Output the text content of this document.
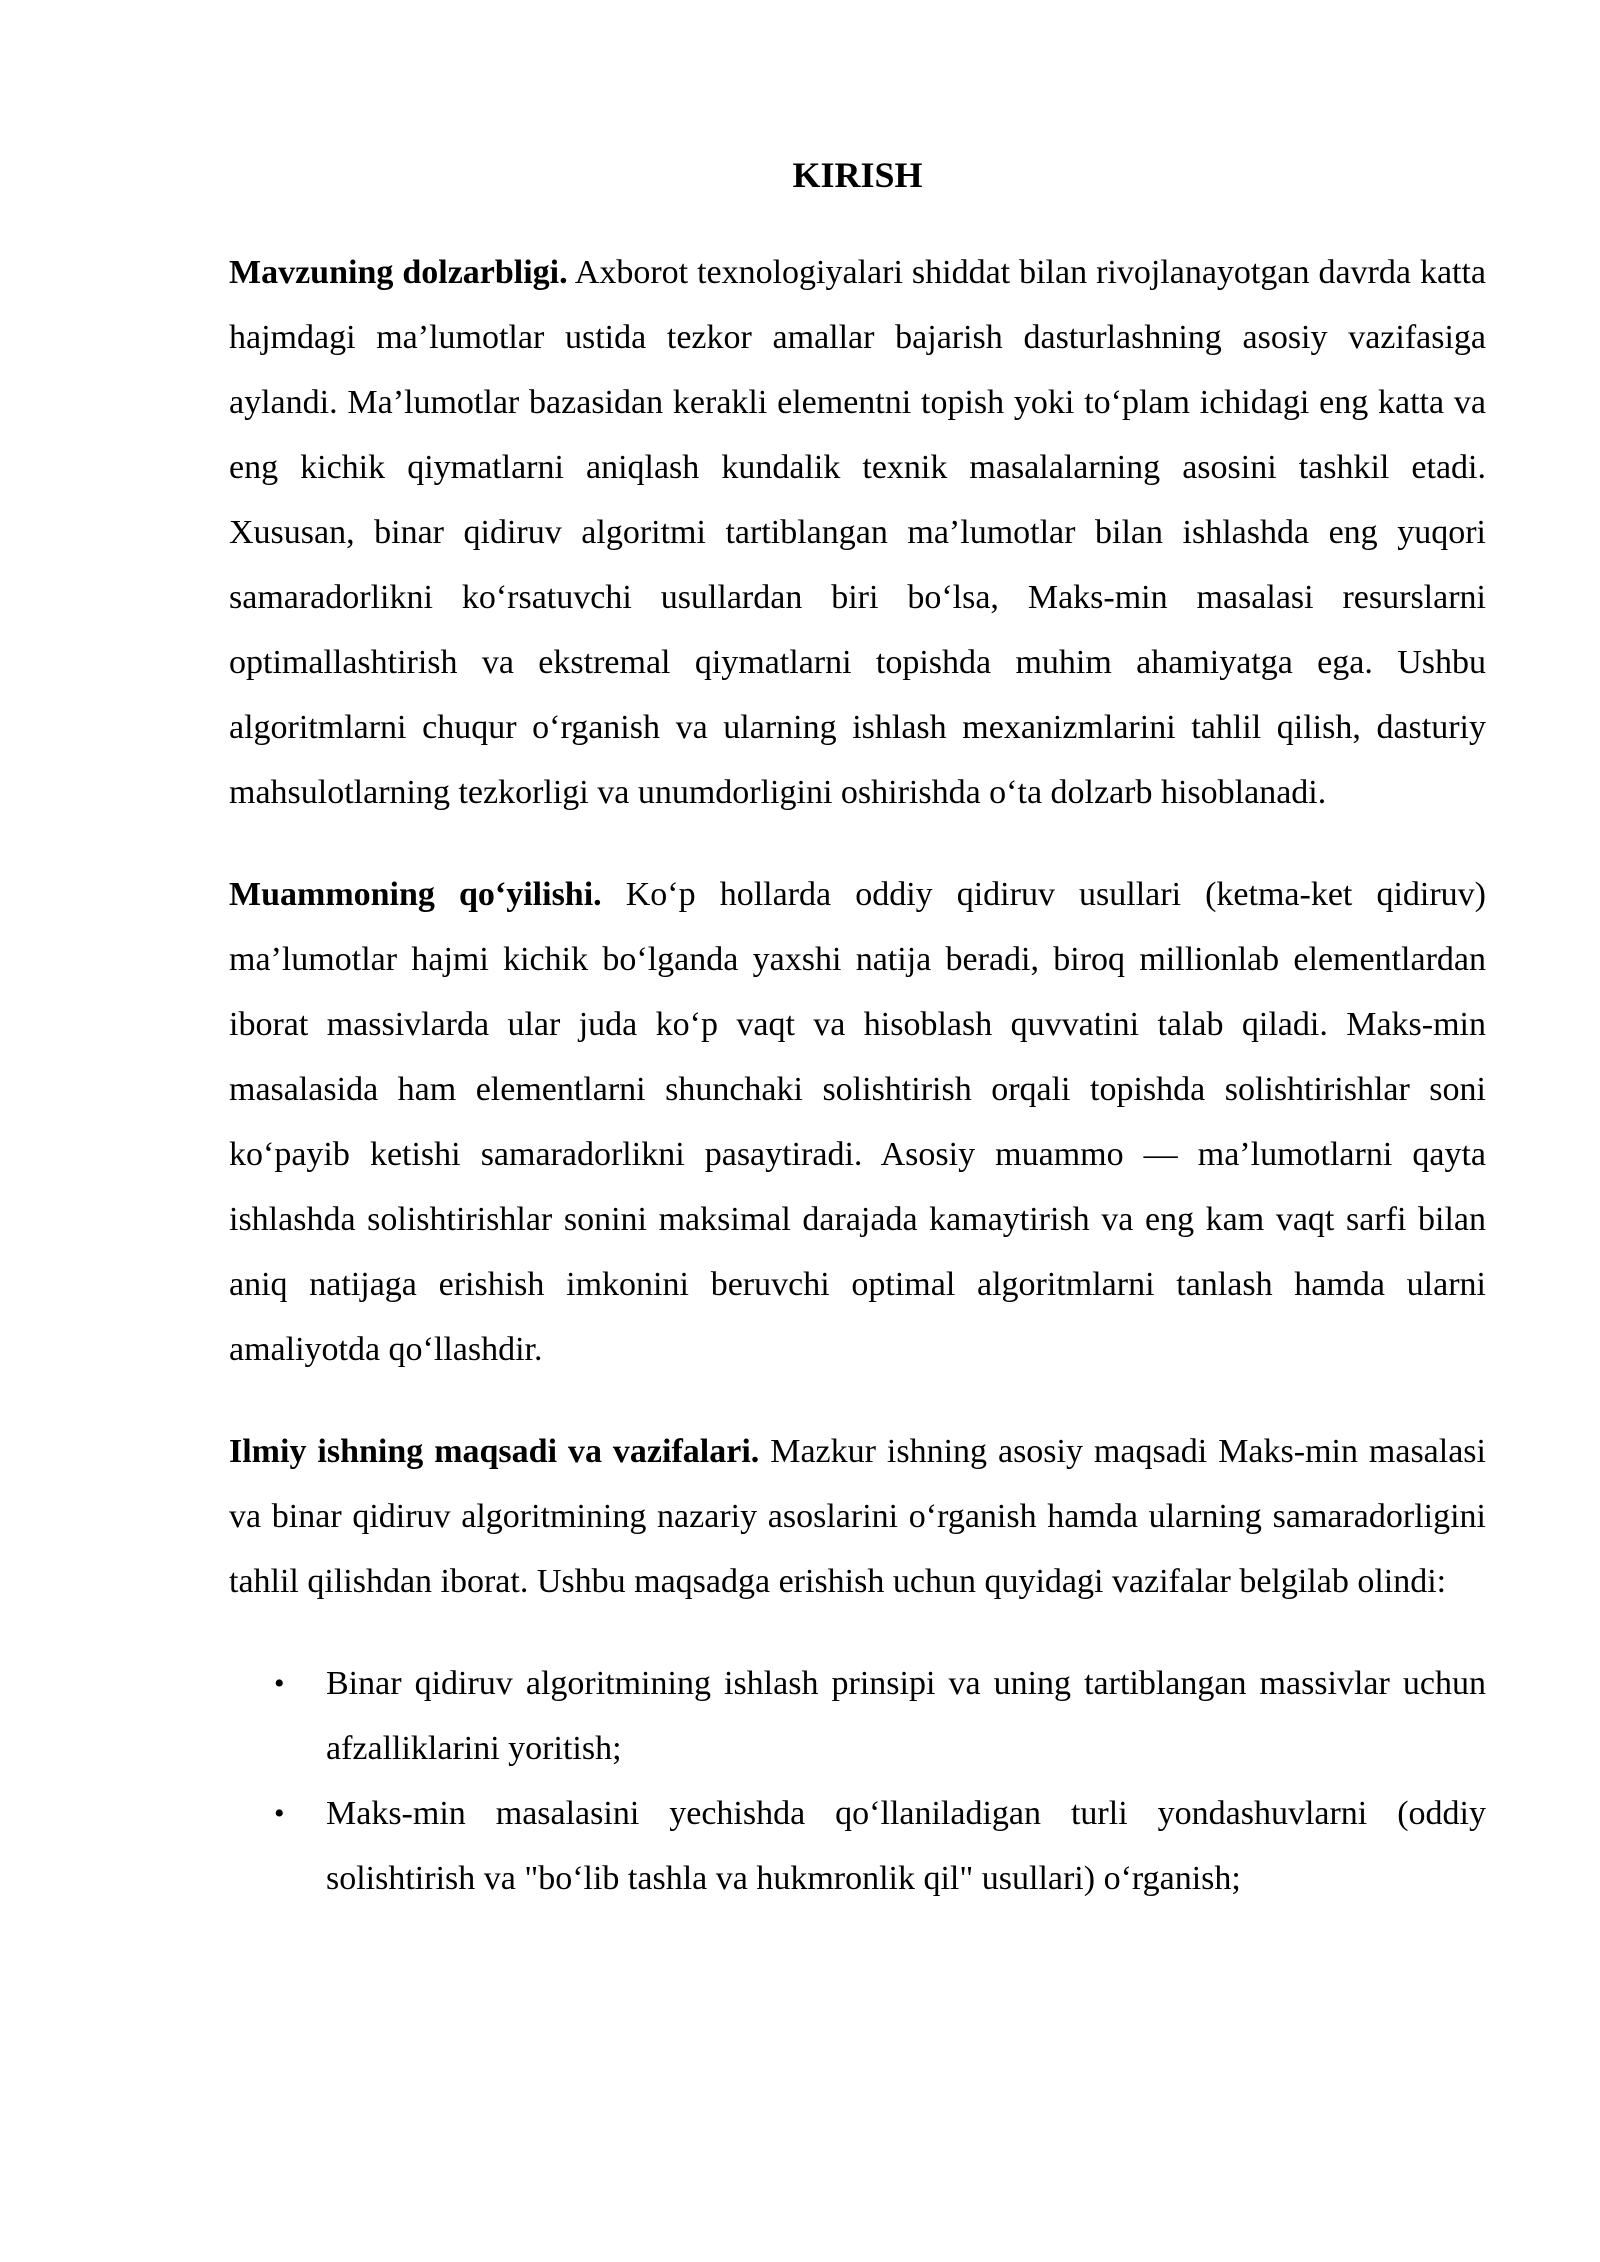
KIRISH

Mavzuning dolzarbligi. Axborot texnologiyalari shiddat bilan rivojlanayotgan davrda katta hajmdagi ma’lumotlar ustida tezkor amallar bajarish dasturlashning asosiy vazifasiga aylandi. Ma’lumotlar bazasidan kerakli elementni topish yoki to‘plam ichidagi eng katta va eng kichik qiymatlarni aniqlash kundalik texnik masalalarning asosini tashkil etadi. Xususan, binar qidiruv algoritmi tartiblangan ma’lumotlar bilan ishlashda eng yuqori samaradorlikni ko‘rsatuvchi usullardan biri bo‘lsa, Maks-min masalasi resurslarni optimallashtirish va ekstremal qiymatlarni topishda muhim ahamiyatga ega. Ushbu algoritmlarni chuqur o‘rganish va ularning ishlash mexanizmlarini tahlil qilish, dasturiy mahsulotlarning tezkorligi va unumdorligini oshirishda o‘ta dolzarb hisoblanadi.

Muammoning qo‘yilishi. Ko‘p hollarda oddiy qidiruv usullari (ketma-ket qidiruv) ma’lumotlar hajmi kichik bo‘lganda yaxshi natija beradi, biroq millionlab elementlardan iborat massivlarda ular juda ko‘p vaqt va hisoblash quvvatini talab qiladi. Maks-min masalasida ham elementlarni shunchaki solishtirish orqali topishda solishtirishlar soni ko‘payib ketishi samaradorlikni pasaytiradi. Asosiy muammo — ma’lumotlarni qayta ishlashda solishtirishlar sonini maksimal darajada kamaytirish va eng kam vaqt sarfi bilan aniq natijaga erishish imkonini beruvchi optimal algoritmlarni tanlash hamda ularni amaliyotda qo‘llashdir.

Ilmiy ishning maqsadi va vazifalari. Mazkur ishning asosiy maqsadi Maks-min masalasi va binar qidiruv algoritmining nazariy asoslarini o‘rganish hamda ularning samaradorligini tahlil qilishdan iborat. Ushbu maqsadga erishish uchun quyidagi vazifalar belgilab olindi:

• Binar qidiruv algoritmining ishlash prinsipi va uning tartiblangan massivlar uchun afzalliklarini yoritish;
• Maks-min masalasini yechishda qo‘llaniladigan turli yondashuvlarni (oddiy solishtirish va "bo‘lib tashla va hukmronlik qil" usullari) o‘rganish;
